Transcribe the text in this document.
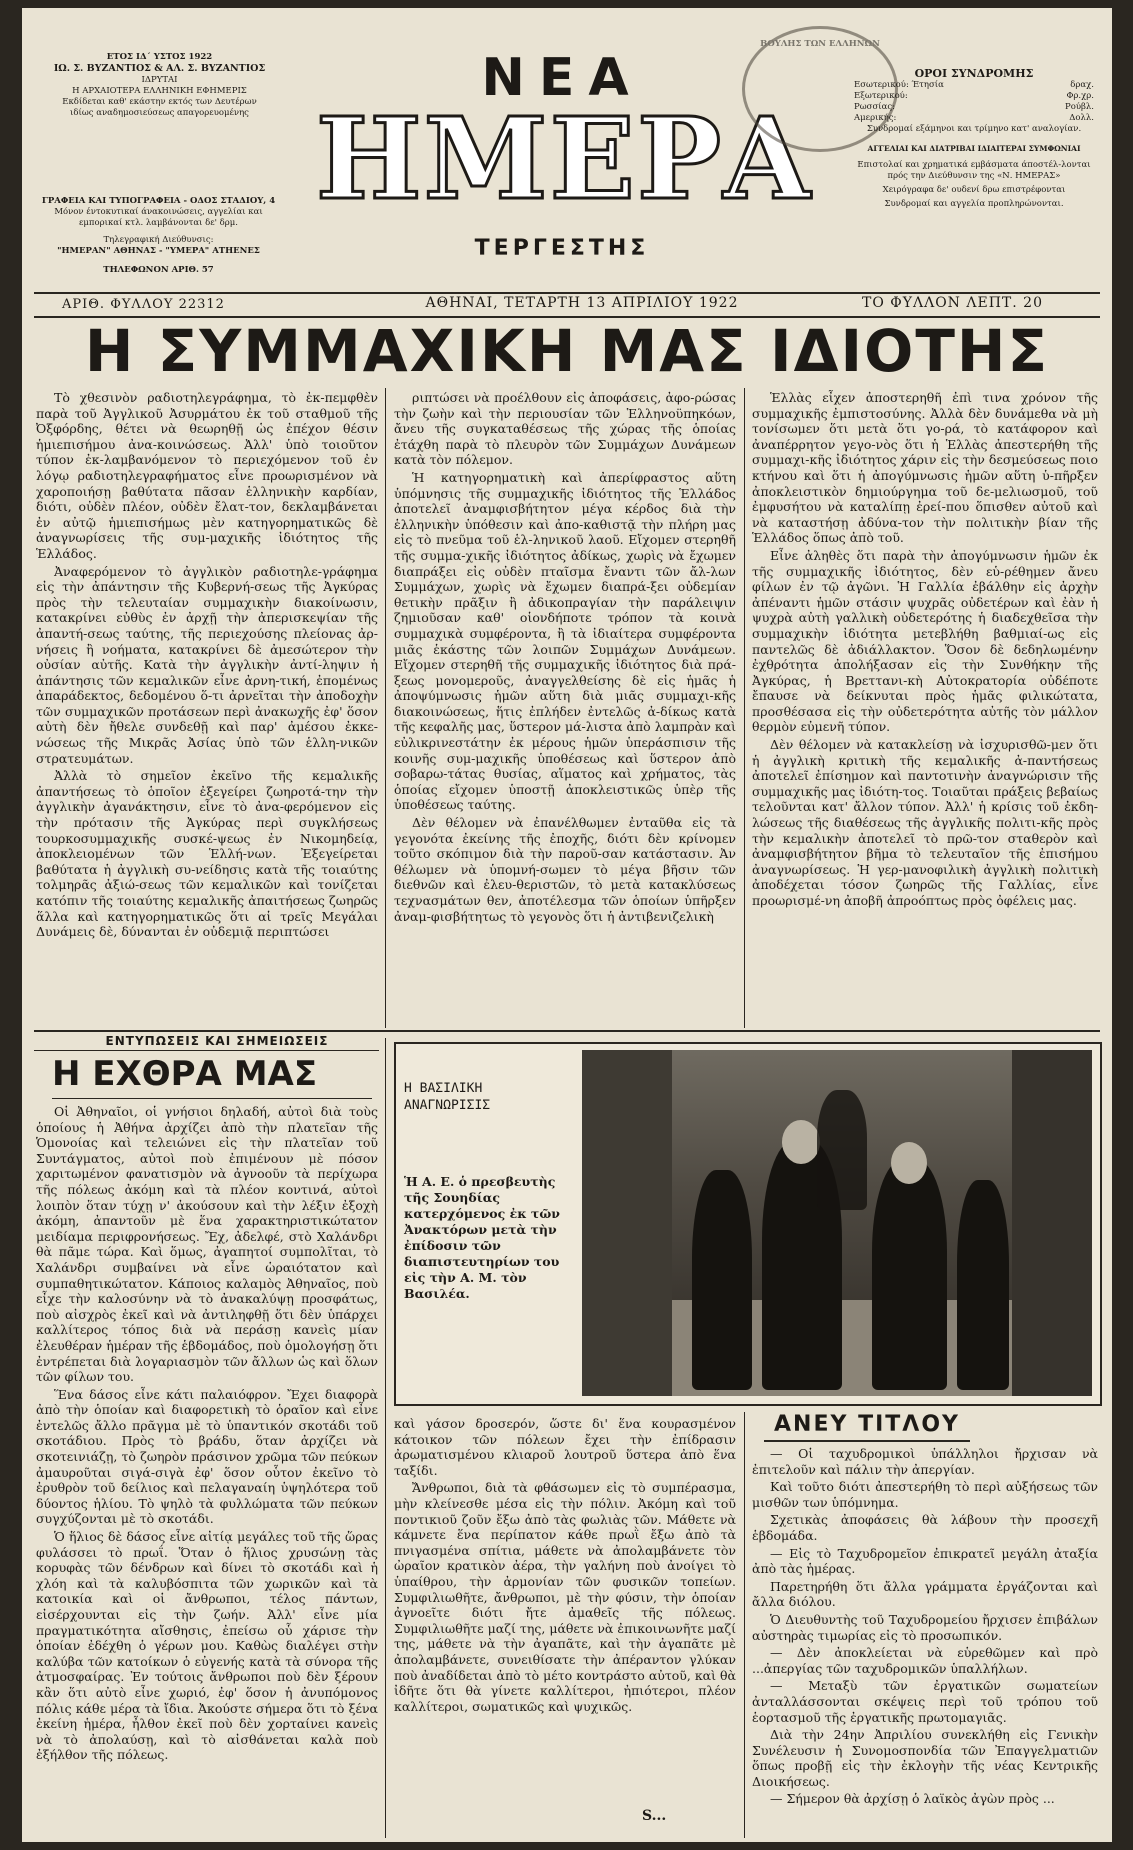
ΕΤΟΣ ΙΔ΄ ΥΣΤΟΣ 1922
ΙΩ. Σ. ΒΥΖΑΝΤΙΟΣ & ΑΛ. Σ. ΒΥΖΑΝΤΙΟΣ
ΙΔΡΥΤΑΙ
Η ΑΡΧΑΙΟΤΕΡΑ ΕΛΛΗΝΙΚΗ ΕΦΗΜΕΡΙΣ
Εκδίδεται καθ' εκάστην εκτός των Δευτέρων
ιδίως αναδημοσιεύσεως απαγορευομένης
ΓΡΑΦΕΙΑ ΚΑΙ ΤΥΠΟΓΡΑΦΕΙΑ - ΟΔΟΣ ΣΤΑΔΙΟΥ, 4
Μόνον έντοκυτικαί άνακοινώσεις, αγγελίαι και
εμπορικαί κτλ. λαμβάνονται δε' δρμ.
Τηλεγραφική Διεύθυνσις:
"ΗΜΕΡΑΝ" ΑΘΗΝΑΣ - "ΥΜΕΡΑ" ΑΤΗΕΝΕΣ
ΤΗΛΕΦΩΝΟΝ ΑΡΙΘ. 57
ΝΕΑ
ΗΜΕΡΑ
ΤΕΡΓΕΣΤΗΣ
ΒΟΥΛΗΣ ΤΩΝ ΕΛΛΗΝΩΝ
ΟΡΟΙ ΣΥΝΔΡΟΜΗΣ
Εσωτερικού: Έτησία	δραχ.
Εξωτερικού:	Φρ.χρ.
Ρωσσίας:	Ρούβλ.
Αμερικής:	Δολλ.
Συνδρομαί εξάμηνοι και τρίμηνο κατ' αναλογίαν.
ΑΓΓΕΛΙΑΙ ΚΑΙ ΔΙΑΤΡΙΒΑΙ ΙΔΙΑΙΤΕΡΑΙ ΣΥΜΦΩΝΙΑΙ
Επιστολαί και χρηματικά εμβάσματα άποστέλ-λονται πρός την Διεύθυνσιν της «Ν. ΗΜΕΡΑΣ»
Χειρόγραφα δε' ουδενί δρω επιστρέφονται
Συνδρομαί και αγγελία προπληρώνονται.
ΑΡΙΘ. ΦΥΛΛΟΥ 22312	ΑΘΗΝΑΙ, ΤΕΤΑΡΤΗ 13 ΑΠΡΙΛΙΟΥ 1922	ΤΟ ΦΥΛΛΟΝ ΛΕΠΤ. 20
Η ΣΥΜΜΑΧΙΚΗ ΜΑΣ ΙΔΙΟΤΗΣ

Τὸ χθεσινὸν ραδιοτηλεγράφημα, τὸ ἐκ-πεμφθὲν παρὰ τοῦ Ἀγγλικοῦ Ἀσυρμάτου ἐκ τοῦ σταθμοῦ τῆς Ὀξφόρδης, θέτει νὰ θεωρηθῇ ὡς ἐπέχον θέσιν ἡμιεπισήμου ἀνα-κοινώσεως. Ἀλλ' ὑπὸ τοιοῦτον τύπον ἐκ-λαμβανόμενον τὸ περιεχόμενον τοῦ ἐν λόγῳ ραδιοτηλεγραφήματος εἶνε προωρισμένον νὰ χαροποιήσῃ βαθύτατα πᾶσαν ἑλληνικὴν καρδίαν, διότι, οὐδὲν πλέον, οὐδὲν ἔλατ-τον, δεκλαμβάνεται ἐν αὐτῷ ἡμιεπισήμως μὲν κατηγορηματικῶς δὲ ἀναγνωρίσεις τῆς συμ-μαχικῆς ἰδιότητος τῆς Ἑλλάδος.

Ἀναφερόμενον τὸ ἀγγλικὸν ραδιοτηλε-γράφημα εἰς τὴν ἀπάντησιν τῆς Κυβερνή-σεως τῆς Ἀγκύρας πρὸς τὴν τελευταίαν συμμαχικὴν διακοίνωσιν, κατακρίνει εὐθὺς ἐν ἀρχῇ τὴν ἀπερισκεψίαν τῆς ἀπαντή-σεως ταύτης, τῆς περιεχούσης πλείονας ἀρ-νήσεις ἢ νοήματα, κατακρίνει δὲ ἀμεσώτερον τὴν οὐσίαν αὐτῆς. Κατὰ τὴν ἀγγλικὴν ἀντί-ληψιν ἡ ἀπάντησις τῶν κεμαλικῶν εἶνε ἀρνη-τική, ἐπομένως ἀπαράδεκτος, δεδομένου ὅ-τι ἀρνεῖται τὴν ἀποδοχὴν τῶν συμμαχικῶν προτάσεων περὶ ἀνακωχῆς ἐφ' ὅσον αὐτὴ δὲν ἤθελε συνδεθῇ καὶ παρ' ἀμέσου ἐκκε-νώσεως τῆς Μικρᾶς Ἀσίας ὑπὸ τῶν ἑλλη-νικῶν στρατευμάτων.

Ἀλλὰ τὸ σημεῖον ἐκεῖνο τῆς κεμαλικῆς ἀπαντήσεως τὸ ὁποῖον ἐξεγείρει ζωηροτά-την τὴν ἀγγλικὴν ἀγανάκτησιν, εἶνε τὸ ἀνα-φερόμενον εἰς τὴν πρότασιν τῆς Ἀγκύρας περὶ συγκλήσεως τουρκοσυμμαχικῆς συσκέ-ψεως ἐν Νικομηδείᾳ, ἀποκλειομένων τῶν Ἑλλή-νων. Ἐξεγείρεται βαθύτατα ἡ ἀγγλικὴ συ-νείδησις κατὰ τῆς τοιαύτης τολμηρᾶς ἀξιώ-σεως τῶν κεμαλικῶν καὶ τονίζεται κατόπιν τῆς τοιαύτης κεμαλικῆς ἀπαιτήσεως ζωηρῶς ἅλλα καὶ κατηγορηματικῶς ὅτι αἱ τρεῖς Μεγάλαι Δυνάμεις δὲ, δύνανται ἐν οὐδεμιᾷ περιπτώσει

ριπτώσει νὰ προέλθουν εἰς ἀποφάσεις, ἀφο-ρώσας τὴν ζωὴν καὶ τὴν περιουσίαν τῶν Ἑλληνοϋπηκόων, ἄνευ τῆς συγκαταθέσεως τῆς χώρας τῆς ὁποίας ἐτάχθη παρὰ τὸ πλευρὸν τῶν Συμμάχων Δυνάμεων κατὰ τὸν πόλεμον.

Ἡ κατηγορηματικὴ καὶ ἀπερίφραστος αὕτη ὑπόμνησις τῆς συμμαχικῆς ἰδιότητος τῆς Ἑλλάδος ἀποτελεῖ ἀναμφισβήτητον μέγα κέρδος διὰ τὴν ἑλληνικὴν ὑπόθεσιν καὶ ἀπο-καθιστᾷ τὴν πλήρη μας εἰς τὸ πνεῦμα τοῦ ἑλ-ληνικοῦ λαοῦ. Εἴχομεν στερηθῆ τῆς συμμα-χικῆς ἰδιότητος ἀδίκως, χωρὶς νὰ ἔχωμεν διαπράξει εἰς οὐδὲν πταῖσμα ἔναντι τῶν ἄλ-λων Συμμάχων, χωρὶς νὰ ἔχωμεν διαπρά-ξει οὐδεμίαν θετικὴν πρᾶξιν ἢ ἀδικοπραγίαν τὴν παράλειψιν ζημιοῦσαν καθ' οἱονδήποτε τρόπον τὰ κοινὰ συμμαχικὰ συμφέροντα, ἢ τὰ ἰδιαίτερα συμφέροντα μιᾶς ἑκάστης τῶν λοιπῶν Συμμάχων Δυνάμεων. Εἴχομεν στερηθῆ τῆς συμμαχικῆς ἰδιότητος διὰ πρά-ξεως μονομεροῦς, ἀναγγελθείσης δὲ εἰς ἡμᾶς ἡ ἀποψύμνωσις ἡμῶν αὕτη διὰ μιᾶς συμμαχι-κῆς διακοινώσεως, ἥτις ἐπλήδεν ἐντελῶς ἀ-δίκως κατὰ τῆς κεφαλῆς μας, ὕστερον μά-λιστα ἀπὸ λαμπρὰν καὶ εὐλικρινεστάτην ἐκ μέρους ἡμῶν ὑπεράσπισιν τῆς κοινῆς συμ-μαχικῆς ὑποθέσεως καὶ ὕστερον ἀπὸ σοβαρω-τάτας θυσίας, αἵματος καὶ χρήματος, τὰς ὁποίας εἴχομεν ὑποστῇ ἀποκλειστικῶς ὑπὲρ τῆς ὑποθέσεως ταύτης.

Δὲν θέλομεν νὰ ἐπανέλθωμεν ἐνταῦθα εἰς τὰ γεγονότα ἐκείνης τῆς ἐποχῆς, διότι δὲν κρίνομεν τοῦτο σκόπιμον διὰ τὴν παροῦ-σαν κατάστασιν. Ἀν θέλωμεν νὰ ὑπομνή-σωμεν τὸ μέγα βῆσιν τῶν διεθνῶν καὶ ἐλευ-θεριστῶν, τὸ μετὰ κατακλύσεως τεχνασμάτων θεν, ἀποτέλεσμα τῶν ὁποίων ὑπῆρξεν ἀναμ-φισβήτητως τὸ γεγονὸς ὅτι ἡ ἀντιβενιζελικὴ

Ἑλλὰς εἶχεν ἀποστερηθῆ ἐπὶ τινα χρόνον τῆς συμμαχικῆς ἐμπιστοσύνης. Ἀλλὰ δὲν δυνάμεθα νὰ μὴ τονίσωμεν ὅτι μετὰ ὅτι γο-ρά, τὸ κατάφορον καὶ ἀναπέρρητον γεγο-νὸς ὅτι ἡ Ἑλλὰς ἀπεστερήθη τῆς συμμαχι-κῆς ἰδιότητος χάριν εἰς τὴν δεσμεύσεως ποιο κτήνου καὶ ὅτι ἡ ἀπογύμνωσις ἡμῶν αὕτη ὑ-πῆρξεν ἀποκλειστικὸν δημιούργημα τοῦ δε-μελιωσμοῦ, τοῦ ἐμφυσήτου νὰ καταλίπῃ ἐρεί-που ὅπισθεν αὐτοῦ καὶ νὰ καταστήσῃ ἀδύνα-τον τὴν πολιτικὴν βίαν τῆς Ἑλλάδος ὅπως ἀπὸ τοῦ.

Εἶνε ἀληθὲς ὅτι παρὰ τὴν ἀπογύμνωσιν ἡμῶν ἐκ τῆς συμμαχικῆς ἰδιότητος, δὲν εὑ-ρέθημεν ἄνευ φίλων ἐν τῷ ἀγῶνι. Ἡ Γαλλία ἐβάλθην εἰς ἀρχὴν ἀπέναντι ἡμῶν στάσιν ψυχρᾶς οὐδετέρων καὶ ἐὰν ἡ ψυχρὰ αὐτὴ γαλλικὴ οὐδετερότης ἡ διαδεχθεῖσα τὴν συμμαχικὴν ἰδιότητα μετεβλήθη βαθμιαί-ως εἰς παντελῶς δὲ ἀδιάλλακτον. Ὅσον δὲ δεδηλωμένην ἐχθρότητα ἀπολήξασαν εἰς τὴν Συνθήκην τῆς Ἀγκύρας, ἡ Βρεττανι-κὴ Αὐτοκρατορία οὐδέποτε ἔπαυσε νὰ δείκνυται πρὸς ἡμᾶς φιλικώτατα, προσθέσασα εἰς τὴν οὐδετερότητα αὐτῆς τὸν μάλλον θερμὸν εὐμενῆ τύπον.

Δὲν θέλομεν νὰ κατακλείσῃ νὰ ἰσχυρισθῶ-μεν ὅτι ἡ ἀγγλικὴ κριτικὴ τῆς κεμαλικῆς ἀ-παντήσεως ἀποτελεῖ ἐπίσημον καὶ παντοτινὴν ἀναγνώρισιν τῆς συμμαχικῆς μας ἰδιότη-τος. Τοιαῦται πράξεις βεβαίως τελοῦνται κατ' ἄλλον τύπον. Ἀλλ' ἡ κρίσις τοῦ ἐκδη-λώσεως τῆς διαθέσεως τῆς ἀγγλικῆς πολιτι-κῆς πρὸς τὴν κεμαλικὴν ἀποτελεῖ τὸ πρῶ-τον σταθερὸν καὶ ἀναμφισβήτητον βῆμα τὸ τελευταῖον τῆς ἐπισήμου ἀναγνωρίσεως. Ἡ γερ-μανοφιλικὴ ἀγγλικὴ πολιτικὴ ἀποδέχεται τόσον ζωηρῶς τῆς Γαλλίας, εἶνε προωρισμέ-νη ἀποβῆ ἀπροόπτως πρὸς ὀφέλεις μας.

ΕΝΤΥΠΩΣΕΙΣ ΚΑΙ ΣΗΜΕΙΩΣΕΙΣ
Η ΕΧΘΡΑ ΜΑΣ

Οἱ Ἀθηναῖοι, οἱ γνήσιοι δηλαδή, αὐτοὶ διὰ τοὺς ὁποίους ἡ Ἀθήνα ἀρχίζει ἀπὸ τὴν πλατεῖαν τῆς Ὁμονοίας καὶ τελειώνει εἰς τὴν πλατεῖαν τοῦ Συντάγματος, αὐτοὶ ποὺ ἐπιμένουν μὲ πόσον χαριτωμένον φανατισμὸν νὰ ἀγνοοῦν τὰ περίχωρα τῆς πόλεως ἀκόμη καὶ τὰ πλέον κοντινά, αὐτοὶ λοιπὸν ὅταν τύχῃ ν' ἀκούσουν καὶ τὴν λέξιν ἐξοχὴ ἀκόμη, ἀπαντοῦν μὲ ἕνα χαρακτηριστικώτατον μειδίαμα περιφρονήσεως. Ἔχ, ἀδελφέ, στὸ Χαλάνδρι θὰ πᾶμε τώρα. Καὶ ὅμως, ἀγαπητοί συμπολῖται, τὸ Χαλάνδρι συμβαίνει νὰ εἶνε ὡραιότατον καὶ συμπαθητικώτατον. Κάποιος καλαμὸς Ἀθηναῖος, ποὺ εἶχε τὴν καλοσύνην νὰ τὸ ἀνακαλύψῃ προσφάτως, ποὺ αἰσχρὸς ἐκεῖ καὶ νὰ ἀντιληφθῇ ὅτι δὲν ὑπάρχει καλλίτερος τόπος διὰ νὰ περάσῃ κανεὶς μίαν ἐλευθέραν ἡμέραν τῆς ἑβδομάδος, ποὺ ὁμολογήσῃ ὅτι ἐντρέπεται διὰ λογαριασμὸν τῶν ἄλλων ὡς καὶ ὅλων τῶν φίλων του.

Ἕνα δάσος εἶνε κάτι παλαιόφρον. Ἔχει διαφορὰ ἀπὸ τὴν ὁποίαν καὶ διαφορετικὴ τὸ ὁραῖον καὶ εἶνε ἐντελῶς ἄλλο πρᾶγμα μὲ τὸ ὑπαντικόν σκοτάδι τοῦ σκοτάδιου. Πρὸς τὸ βράδυ, ὅταν ἀρχίζει νὰ σκοτεινιάζῃ, τὸ ζωηρὸν πράσινον χρῶμα τῶν πεύκων ἀμαυροῦται σιγά-σιγὰ ἐφ' ὅσον οὗτον ἐκεῖνο τὸ ἐρυθρὸν τοῦ δείλιος καὶ πελαγαναίη ὑψηλότερα τοῦ δύοντος ἡλίου. Τὸ ψηλὸ τὰ φυλλώματα τῶν πεύκων συγχύζονται μὲ τὸ σκοτάδι.

Ὁ ἥλιος δὲ δάσος εἶνε αἰτίᾳ μεγάλες τοῦ τῆς ὥρας φυλάσσει τὸ πρωΐ. Ὅταν ὁ ἥλιος χρυσώνῃ τὰς κορυφὰς τῶν δένδρων καὶ δίνει τὸ σκοτάδι καὶ ἡ χλόη καὶ τὰ καλυβόσπιτα τῶν χωρικῶν καὶ τὰ κατοικία καὶ οἱ ἄνθρωποι, τέλος πάντων, εἰσέρχουνται εἰς τὴν ζωήν. Ἀλλ' εἶνε μία πραγματικότητα αἴσθησις, ἐπείσω οὗ χάρισε τὴν ὁποίαν ἐδέχθη ὁ γέρων μου. Καθὼς διαλέγει στὴν καλύβα τῶν κατοίκων ὁ εὐγενής κατὰ τὰ σύνορα τῆς ἀτμοσφαίρας. Ἐν τούτοις ἄνθρωποι ποὺ δὲν ξέρουν κἂν ὅτι αὐτὸ εἶνε χωριό, ἐφ' ὅσον ἡ ἀνυπόμονος πόλις κάθε μέρα τὰ ἴδια. Ἀκούστε σήμερα ὅτι τὸ ξένα ἐκείνη ἡμέρα, ἦλθον ἐκεῖ ποὺ δὲν χορταίνει κανεὶς νὰ τὸ ἀπολαύσῃ, καὶ τὸ αἰσθάνεται καλὰ ποὺ ἐξήλθον τῆς πόλεως.

Η ΒΑΣΙΛΙΚΗ ΑΝΑΓΝΩΡΙΣΙΣ
Ἡ Α. Ε. ὁ πρεσβευτὴς τῆς Σουηδίας κατερχόμενος ἐκ τῶν Ἀνακτόρων μετὰ τὴν ἐπίδοσιν τῶν διαπιστευτηρίων του εἰς τὴν Α. Μ. τὸν Βασιλέα.

καὶ γάσον δροσερόν, ὥστε δι' ἕνα κουρασμένον κάτοικον τῶν πόλεων ἔχει τὴν ἐπίδρασιν ἀρωματισμένου κλιαροῦ λουτροῦ ὕστερα ἀπὸ ἕνα ταξίδι.

Ἄνθρωποι, διὰ τὰ φθάσωμεν εἰς τὸ συμπέρασμα, μὴν κλείνεσθε μέσα εἰς τὴν πόλιν. Ἀκόμη καὶ τοῦ ποντικιοῦ ζοῦν ἔξω ἀπὸ τὰς φωλιὰς τῶν. Μάθετε νὰ κάμνετε ἕνα περίπατον κάθε πρωῒ ἔξω ἀπὸ τὰ πνιγασμένα σπίτια, μάθετε νὰ ἀπολαμβάνετε τὸν ὠραῖον κρατικὸν ἀέρα, τὴν γαλήνη ποὺ ἀνοίγει τὸ ὑπαίθρου, τὴν ἀρμονίαν τῶν φυσικῶν τοπείων. Συμφιλιωθῆτε, ἄνθρωποι, μὲ τὴν φύσιν, τὴν ὁποίαν ἀγνοεῖτε διότι ἤτε ἀμαθεῖς τῆς πόλεως. Συμφιλιωθῆτε μαζί της, μάθετε νὰ ἐπικοινωνῆτε μαζί της, μάθετε νὰ τὴν ἀγαπᾶτε, καὶ τὴν ἀγαπᾶτε μὲ ἀπολαμβάνετε, συνειθίσατε τὴν ἀπέραντον γλύκαν ποὺ ἀναδίδεται ἀπὸ τὸ μέτο κοντράστο αὐτοῦ, καὶ θὰ ἰδῆτε ὅτι θὰ γίνετε καλλίτεροι, ἠπιότεροι, πλέον καλλίτεροι, σωματικῶς καὶ ψυχικῶς.

S...
ΑΝΕΥ ΤΙΤΛΟΥ

— Οἱ ταχυδρομικοὶ ὑπάλληλοι ἤρχισαν νὰ ἐπιτελοῦν καὶ πάλιν τὴν ἀπεργίαν.

Καὶ τοῦτο διότι ἀπεστερήθη τὸ περὶ αὐξήσεως τῶν μισθῶν των ὑπόμνημα.

Σχετικὰς ἀποφάσεις θὰ λάβουν τὴν προσεχῆ ἑβδομάδα.

— Εἰς τὸ Ταχυδρομεῖον ἐπικρατεῖ μεγάλη ἀταξία ἀπὸ τὰς ἡμέρας.

Παρετηρήθη ὅτι ἄλλα γράμματα ἐργάζονται καὶ ἄλλα διόλου.

Ὁ Διευθυντὴς τοῦ Ταχυδρομείου ἤρχισεν ἐπιβάλων αὐστηρὰς τιμωρίας εἰς τὸ προσωπικόν.

— Δὲν ἀποκλείεται νὰ εὑρεθῶμεν καὶ πρὸ ...ἀπεργίας τῶν ταχυδρομικῶν ὑπαλλήλων.

— Μεταξὺ τῶν ἐργατικῶν σωματείων ἀνταλλάσσονται σκέψεις περὶ τοῦ τρόπου τοῦ ἑορτασμοῦ τῆς ἐργατικῆς πρωτομαγιᾶς.

Διὰ τὴν 24ην Ἀπριλίου συνεκλήθη εἰς Γενικὴν Συνέλευσιν ἡ Συνομοσπονδία τῶν Ἐπαγγελματιῶν ὅπως προβῇ εἰς τὴν ἐκλογὴν τῆς νέας Κεντρικῆς Διοικήσεως.

— Σήμερον θὰ ἀρχίσῃ ὁ λαϊκὸς ἀγὼν πρὸς ...
